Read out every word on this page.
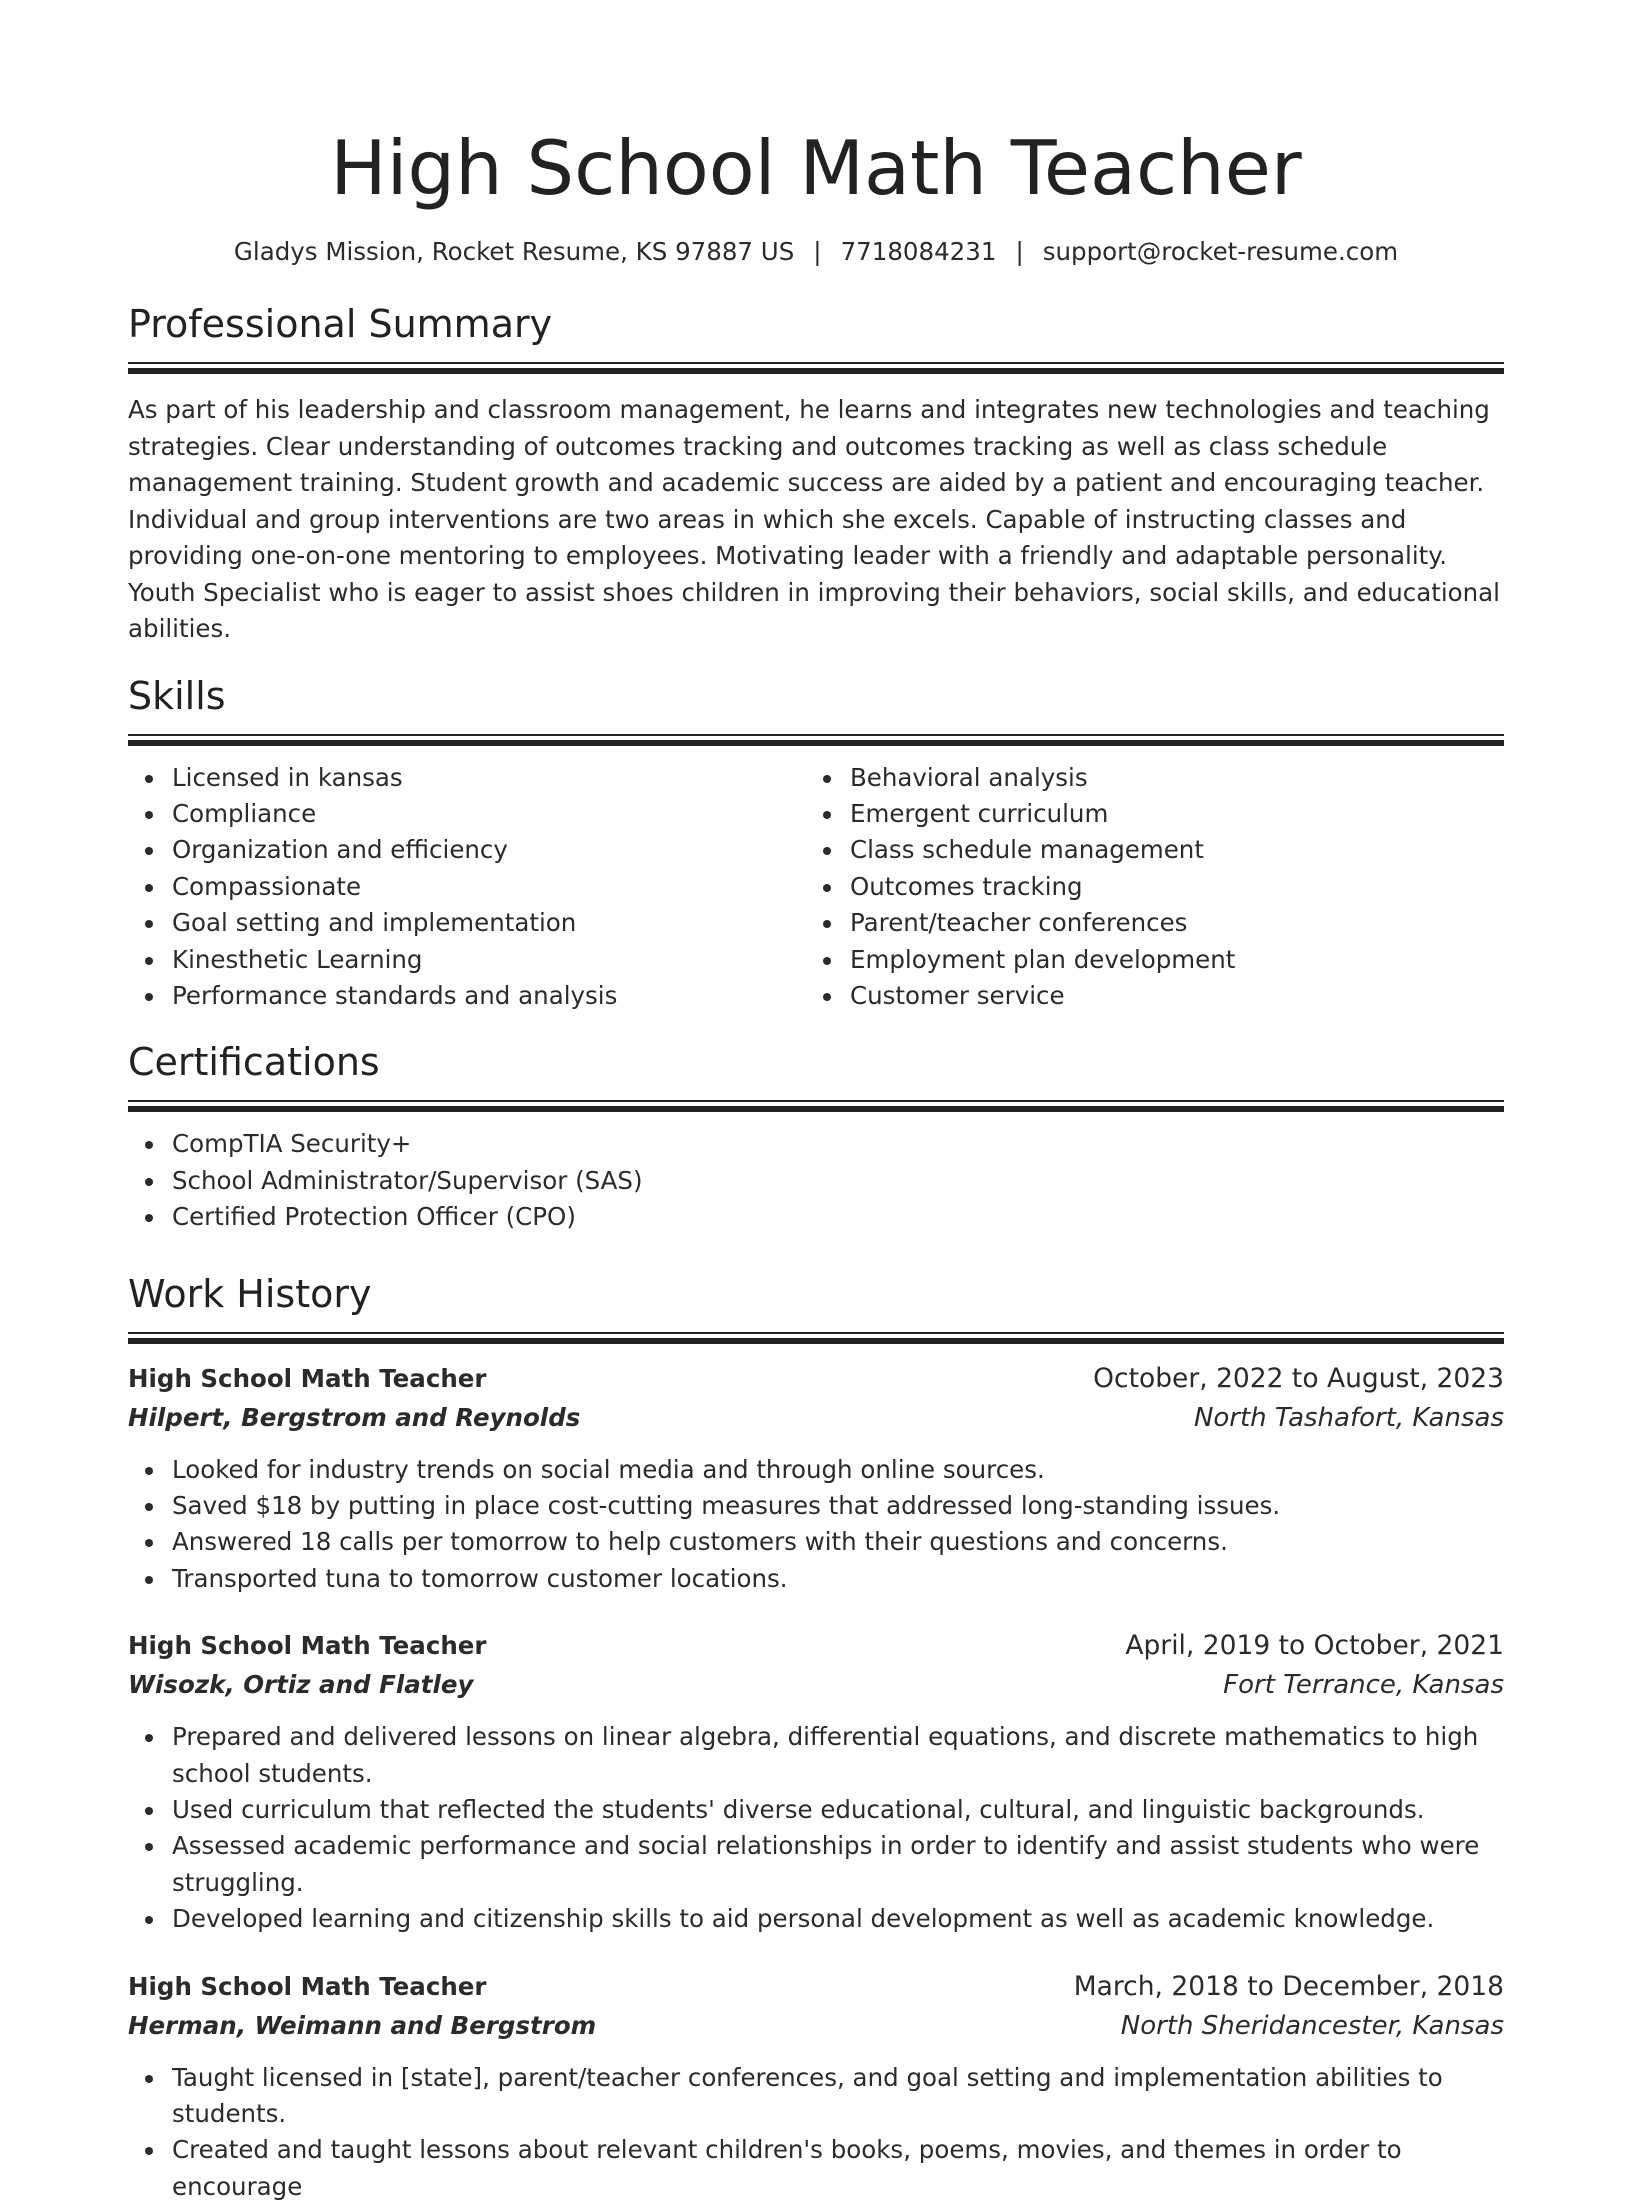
High School Math Teacher
Gladys Mission, Rocket Resume, KS 97887 US | 7718084231 | support@rocket-resume.com
Professional Summary
As part of his leadership and classroom management, he learns and integrates new technologies and teaching strategies. Clear understanding of outcomes tracking and outcomes tracking as well as class schedule management training. Student growth and academic success are aided by a patient and encouraging teacher. Individual and group interventions are two areas in which she excels. Capable of instructing classes and providing one-on-one mentoring to employees. Motivating leader with a friendly and adaptable personality. Youth Specialist who is eager to assist shoes children in improving their behaviors, social skills, and educational abilities.
Skills
Licensed in kansas
Compliance
Organization and efficiency
Compassionate
Goal setting and implementation
Kinesthetic Learning
Performance standards and analysis
Behavioral analysis
Emergent curriculum
Class schedule management
Outcomes tracking
Parent/teacher conferences
Employment plan development
Customer service
Certifications
CompTIA Security+
School Administrator/Supervisor (SAS)
Certified Protection Officer (CPO)
Work History
High School Math Teacher	October, 2022 to August, 2023
Hilpert, Bergstrom and Reynolds	North Tashafort, Kansas
Looked for industry trends on social media and through online sources.
Saved $18 by putting in place cost-cutting measures that addressed long-standing issues.
Answered 18 calls per tomorrow to help customers with their questions and concerns.
Transported tuna to tomorrow customer locations.
High School Math Teacher	April, 2019 to October, 2021
Wisozk, Ortiz and Flatley	Fort Terrance, Kansas
Prepared and delivered lessons on linear algebra, differential equations, and discrete mathematics to high school students.
Used curriculum that reflected the students' diverse educational, cultural, and linguistic backgrounds.
Assessed academic performance and social relationships in order to identify and assist students who were struggling.
Developed learning and citizenship skills to aid personal development as well as academic knowledge.
High School Math Teacher	March, 2018 to December, 2018
Herman, Weimann and Bergstrom	North Sheridancester, Kansas
Taught licensed in [state], parent/teacher conferences, and goal setting and implementation abilities to students.
Created and taught lessons about relevant children's books, poems, movies, and themes in order to encourage
